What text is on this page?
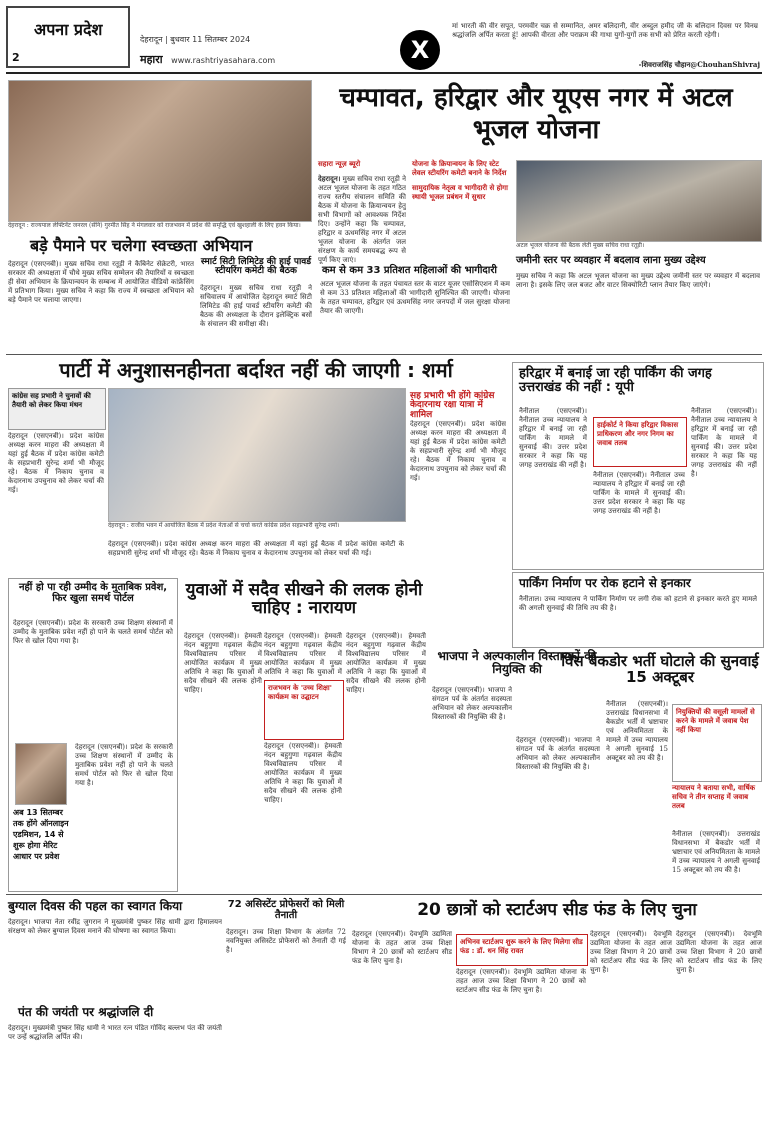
अपना प्रदेश
2
देहरादून | बुधवार 11 सितम्बर 2024
महारा www.rashtriyasahara.com	X
मां भारती की वीर सपूत, परमवीर चक्र से सम्मानित, अमर बलिदानी, वीर अब्दुल हमीद जी के बलिदान दिवस पर विनम्र श्रद्धांजलि अर्पित करता हूं! आपकी वीरता और पराक्रम की गाथा युगों-युगों तक सभी को प्रेरित करती रहेगी।
-शिवराजसिंह चौहान@ChouhanShivraj
देहरादून : राज्यपाल लेफ्टिनेंट जनरल (सेनि) गुरमीत सिंह ने मंगलवार को राजभवन में प्रदेश की समृद्धि एवं खुशहाली के लिए हवन किया।
चम्पावत, हरिद्वार और यूएस नगर में अटल भूजल योजना
सहारा न्यूज़ ब्यूरो
देहरादून। मुख्य सचिव राधा रतूड़ी ने अटल भूजल योजना के तहत गठित राज्य स्तरीय संचालन समिति की बैठक में योजना के क्रियान्वयन हेतु सभी विभागों को आवश्यक निर्देश दिए। उन्होंने कहा कि चम्पावत, हरिद्वार व ऊधमसिंह नगर में अटल भूजल योजना के अंतर्गत जल संरक्षण के कार्य समयबद्ध रूप से पूर्ण किए जाएं।
योजना के क्रियान्वयन के लिए स्टेट लेवल स्टीयरिंग कमेटी बनाने के निर्देश
सामुदायिक नेतृत्व व भागीदारी से होगा स्थायी भूजल प्रबंधन में सुधार
अटल भूजल योजना की बैठक लेती मुख्य सचिव राधा रतूड़ी।
बड़े पैमाने पर चलेगा स्वच्छता अभियान
देहरादून (एसएनबी)। मुख्य सचिव राधा रतूड़ी ने कैबिनेट सेक्रेटरी, भारत सरकार की अध्यक्षता में चौथे मुख्य सचिव सम्मेलन की तैयारियों व स्वच्छता ही सेवा अभियान के क्रियान्वयन के सम्बन्ध में आयोजित वीडियो कांफ्रेंसिंग में प्रतिभाग किया। मुख्य सचिव ने कहा कि राज्य में स्वच्छता अभियान को बड़े पैमाने पर चलाया जाएगा।
स्मार्ट सिटी लिमिटेड की हाई पावर्ड स्टीयरिंग कमेटी की बैठक
देहरादून। मुख्य सचिव राधा रतूड़ी ने सचिवालय में आयोजित देहरादून स्मार्ट सिटी लिमिटेड की हाई पावर्ड स्टीयरिंग कमेटी की बैठक की अध्यक्षता के दौरान इलेक्ट्रिक बसों के संचालन की समीक्षा की।
कम से कम 33 प्रतिशत महिलाओं की भागीदारी
अटल भूजल योजना के तहत पंचायत स्तर के वाटर यूजर एसोसिएशन में कम से कम 33 प्रतिशत महिलाओं की भागीदारी सुनिश्चित की जाएगी। योजना के तहत चम्पावत, हरिद्वार एवं ऊधमसिंह नगर जनपदों में जल सुरक्षा योजना तैयार की जाएगी।
जमीनी स्तर पर व्यवहार में बदलाव लाना मुख्य उद्देश्य
मुख्य सचिव ने कहा कि अटल भूजल योजना का मुख्य उद्देश्य जमीनी स्तर पर व्यवहार में बदलाव लाना है। इसके लिए जल बजट और वाटर सिक्योरिटी प्लान तैयार किए जाएंगे।
पार्टी में अनुशासनहीनता बर्दाश्त नहीं की जाएगी : शर्मा
कांग्रेस सह प्रभारी ने चुनावों की तैयारी को लेकर किया मंथन
देहरादून (एसएनबी)। प्रदेश कांग्रेस अध्यक्ष करन माहरा की अध्यक्षता में यहां हुई बैठक में प्रदेश कांग्रेस कमेटी के सहप्रभारी सुरेन्द्र शर्मा भी मौजूद रहे। बैठक में निकाय चुनाव व केदारनाथ उपचुनाव को लेकर चर्चा की गई।
देहरादून : राजीव भवन में आयोजित बैठक में प्रदेश नेताओं से चर्चा करते कांग्रेस प्रदेश सहप्रभारी सुरेन्द्र शर्मा।
सह प्रभारी भी होंगे कांग्रेस केदारनाथ रक्षा यात्रा में शामिल
देहरादून (एसएनबी)। प्रदेश कांग्रेस अध्यक्ष करन माहरा की अध्यक्षता में यहां हुई बैठक में प्रदेश कांग्रेस कमेटी के सहप्रभारी सुरेन्द्र शर्मा भी मौजूद रहे। बैठक में निकाय चुनाव व केदारनाथ उपचुनाव को लेकर चर्चा की गई।
देहरादून (एसएनबी)। प्रदेश कांग्रेस अध्यक्ष करन माहरा की अध्यक्षता में यहां हुई बैठक में प्रदेश कांग्रेस कमेटी के सहप्रभारी सुरेन्द्र शर्मा भी मौजूद रहे। बैठक में निकाय चुनाव व केदारनाथ उपचुनाव को लेकर चर्चा की गई।
हरिद्वार में बनाई जा रही पार्किंग की जगह उत्तराखंड की नहीं : यूपी
नैनीताल (एसएनबी)। नैनीताल उच्च न्यायालय ने हरिद्वार में बनाई जा रही पार्किंग के मामले में सुनवाई की। उत्तर प्रदेश सरकार ने कहा कि यह जगह उत्तराखंड की नहीं है।
हाईकोर्ट ने किया हरिद्वार विकास प्राधिकरण और नगर निगम का जवाब तलब
नैनीताल (एसएनबी)। नैनीताल उच्च न्यायालय ने हरिद्वार में बनाई जा रही पार्किंग के मामले में सुनवाई की। उत्तर प्रदेश सरकार ने कहा कि यह जगह उत्तराखंड की नहीं है।
नैनीताल (एसएनबी)। नैनीताल उच्च न्यायालय ने हरिद्वार में बनाई जा रही पार्किंग के मामले में सुनवाई की। उत्तर प्रदेश सरकार ने कहा कि यह जगह उत्तराखंड की नहीं है।
पार्किंग निर्माण पर रोक हटाने से इनकार
नैनीताल। उच्च न्यायालय ने पार्किंग निर्माण पर लगी रोक को हटाने से इनकार करते हुए मामले की अगली सुनवाई की तिथि तय की है।
नहीं हो पा रही उम्मीद के मुताबिक प्रवेश, फिर खुला समर्थ पोर्टल
देहरादून (एसएनबी)। प्रदेश के सरकारी उच्च शिक्षण संस्थानों में उम्मीद के मुताबिक प्रवेश नहीं हो पाने के चलते समर्थ पोर्टल को फिर से खोल दिया गया है।
अब 13 सितम्बर तक होंगे ऑनलाइन एडमिशन, 14 से शुरू होगा मेरिट आधार पर प्रवेश
देहरादून (एसएनबी)। प्रदेश के सरकारी उच्च शिक्षण संस्थानों में उम्मीद के मुताबिक प्रवेश नहीं हो पाने के चलते समर्थ पोर्टल को फिर से खोल दिया गया है।
युवाओं में सदैव सीखने की ललक होनी चाहिए : नारायण
देहरादून (एसएनबी)। हेमवती नंदन बहुगुणा गढ़वाल केंद्रीय विश्वविद्यालय परिसर में आयोजित कार्यक्रम में मुख्य अतिथि ने कहा कि युवाओं में सदैव सीखने की ललक होनी चाहिए।	राजभवन के 'उच्च शिक्षा' कार्यक्रम का उद्घाटन
देहरादून (एसएनबी)। हेमवती नंदन बहुगुणा गढ़वाल केंद्रीय विश्वविद्यालय परिसर में आयोजित कार्यक्रम में मुख्य अतिथि ने कहा कि युवाओं में
देहरादून (एसएनबी)। हेमवती नंदन बहुगुणा गढ़वाल केंद्रीय विश्वविद्यालय परिसर में आयोजित कार्यक्रम में मुख्य अतिथि ने कहा कि युवाओं में सदैव सीखने की ललक होनी चाहिए।
देहरादून (एसएनबी)। हेमवती नंदन बहुगुणा गढ़वाल केंद्रीय विश्वविद्यालय परिसर में आयोजित कार्यक्रम में मुख्य अतिथि ने कहा कि युवाओं में सदैव सीखने की ललक होनी चाहिए।
भाजपा ने अल्पकालीन विस्तारकों की नियुक्ति की
देहरादून (एसएनबी)। भाजपा ने संगठन पर्व के अंतर्गत सदस्यता अभियान को लेकर अल्पकालीन विस्तारकों की नियुक्ति की है।
देहरादून (एसएनबी)। भाजपा ने संगठन पर्व के अंतर्गत सदस्यता अभियान को लेकर अल्पकालीन विस्तारकों की नियुक्ति की है।
विस बैकडोर भर्ती घोटाले की सुनवाई 15 अक्टूबर
नैनीताल (एसएनबी)। उत्तराखंड विधानसभा में बैकडोर भर्ती में भ्रष्टाचार एवं अनियमितता के मामले में उच्च न्यायालय ने अगली सुनवाई 15 अक्टूबर को तय की है।
नियुक्तियों की वसूली मामलों से करने के मामले में जवाब पेश नहीं किया
न्यायालय ने बताया सभी, वार्षिक सचिव ने तीन सप्ताह में जवाब तलब
नैनीताल (एसएनबी)। उत्तराखंड विधानसभा में बैकडोर भर्ती में भ्रष्टाचार एवं अनियमितता के मामले में उच्च न्यायालय ने अगली सुनवाई 15 अक्टूबर को तय की है।
बुग्याल दिवस की पहल का स्वागत किया
देहरादून। भाजपा नेता रवींद्र जुगरान ने मुख्यमंत्री पुष्कर सिंह धामी द्वारा हिमालयन संरक्षण को लेकर बुग्याल दिवस मनाने की घोषणा का स्वागत किया।
पंत की जयंती पर श्रद्धांजलि दी
देहरादून। मुख्यमंत्री पुष्कर सिंह धामी ने भारत रत्न पंडित गोविंद बल्लभ पंत की जयंती पर उन्हें श्रद्धांजलि अर्पित की।
72 असिस्टेंट प्रोफेसरों को मिली तैनाती
देहरादून। उच्च शिक्षा विभाग के अंतर्गत 72 नवनियुक्त असिस्टेंट प्रोफेसरों को तैनाती दी गई है।
20 छात्रों को स्टार्टअप सीड फंड के लिए चुना
देहरादून (एसएनबी)। देवभूमि उद्यमिता योजना के तहत आज उच्च शिक्षा विभाग ने 20 छात्रों को स्टार्टअप सीड फंड के लिए चुना है।
अभिनव स्टार्टअप शुरू करने के लिए मिलेगा सीड फंड : डॉ. धन सिंह रावत
देहरादून (एसएनबी)। देवभूमि उद्यमिता योजना के तहत आज उच्च शिक्षा विभाग ने 20 छात्रों को स्टार्टअप सीड फंड के लिए चुना है।
देहरादून (एसएनबी)। देवभूमि उद्यमिता योजना के तहत आज उच्च शिक्षा विभाग ने 20 छात्रों को स्टार्टअप सीड फंड के लिए चुना है।
देहरादून (एसएनबी)। देवभूमि उद्यमिता योजना के तहत आज उच्च शिक्षा विभाग ने 20 छात्रों को स्टार्टअप सीड फंड के लिए चुना है।
